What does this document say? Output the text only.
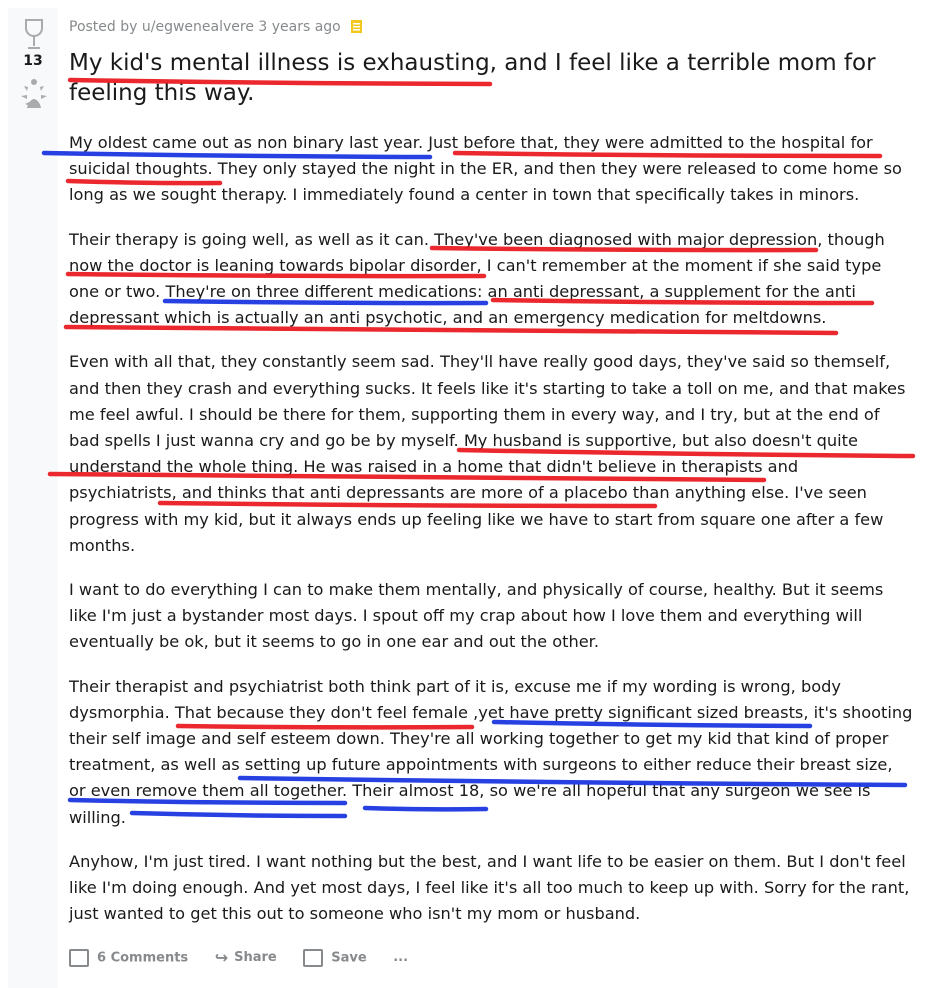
13
Posted by u/egwenealvere 3 years ago
My kid's mental illness is exhausting, and I feel like a terrible mom for feeling this way.

My oldest came out as non binary last year. Just before that, they were admitted to the hospital for
suicidal thoughts. They only stayed the night in the ER, and then they were released to come home so
long as we sought therapy. I immediately found a center in town that specifically takes in minors.

Their therapy is going well, as well as it can. They've been diagnosed with major depression, though
now the doctor is leaning towards bipolar disorder, I can't remember at the moment if she said type
one or two. They're on three different medications: an anti depressant, a supplement for the anti
depressant which is actually an anti psychotic, and an emergency medication for meltdowns.

Even with all that, they constantly seem sad. They'll have really good days, they've said so themself,
and then they crash and everything sucks. It feels like it's starting to take a toll on me, and that makes
me feel awful. I should be there for them, supporting them in every way, and I try, but at the end of
bad spells I just wanna cry and go be by myself. My husband is supportive, but also doesn't quite
understand the whole thing. He was raised in a home that didn't believe in therapists and
psychiatrists, and thinks that anti depressants are more of a placebo than anything else. I've seen
progress with my kid, but it always ends up feeling like we have to start from square one after a few
months.

I want to do everything I can to make them mentally, and physically of course, healthy. But it seems
like I'm just a bystander most days. I spout off my crap about how I love them and everything will
eventually be ok, but it seems to go in one ear and out the other.

Their therapist and psychiatrist both think part of it is, excuse me if my wording is wrong, body
dysmorphia. That because they don't feel female ,yet have pretty significant sized breasts, it's shooting
their self image and self esteem down. They're all working together to get my kid that kind of proper
treatment, as well as setting up future appointments with surgeons to either reduce their breast size,
or even remove them all together. Their almost 18, so we're all hopeful that any surgeon we see is
willing.

Anyhow, I'm just tired. I want nothing but the best, and I want life to be easier on them. But I don't feel
like I'm doing enough. And yet most days, I feel like it's all too much to keep up with. Sorry for the rant,
just wanted to get this out to someone who isn't my mom or husband.

6 Comments ↪ Share	Save ...
